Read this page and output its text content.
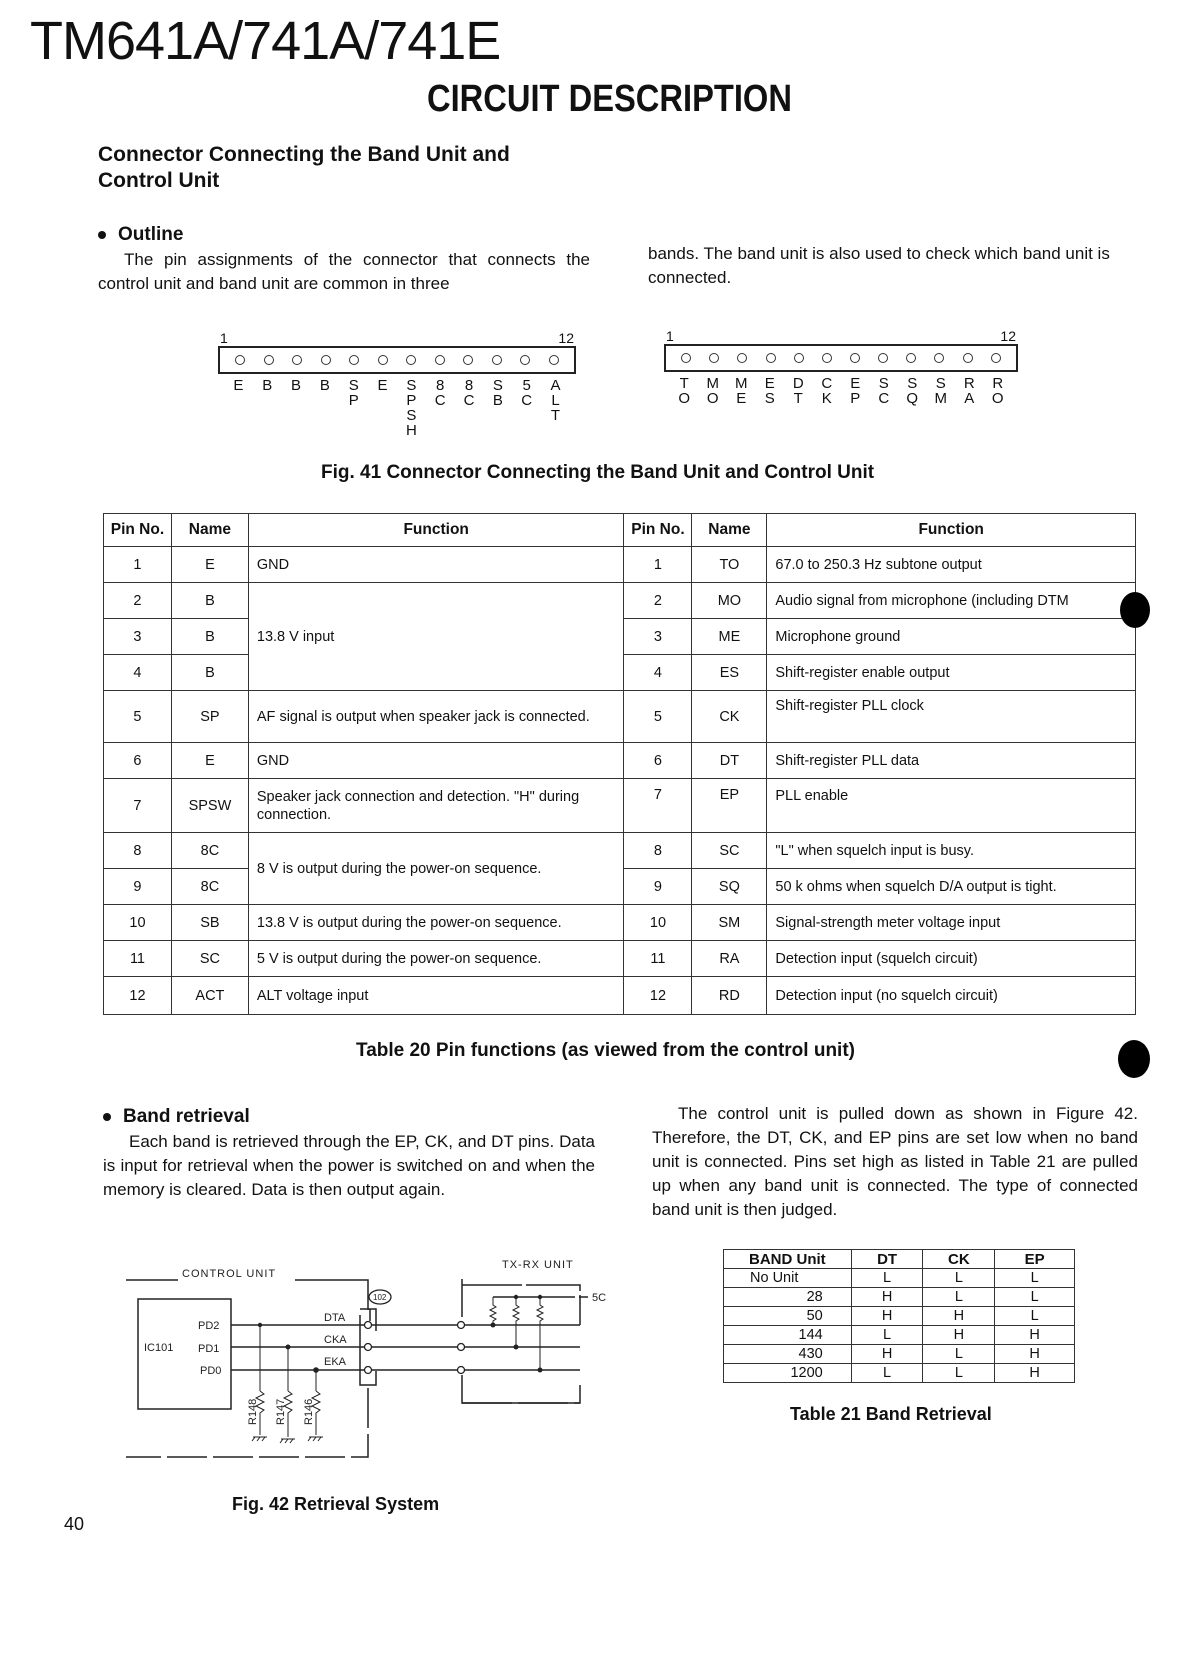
TM641A/741A/741E
CIRCUIT DESCRIPTION
Connector Connecting the Band Unit and Control Unit
Outline
The pin assignments of the connector that connects the control unit and band unit are common in three
bands. The band unit is also used to check which band unit is connected.
1	12
E B B B SP
E SPSH
8C
8C
SB
5C
ALT
1	12
TO
MO
ME
ES
DT
CK
EP
SC
SQ
SM
RA
RO
Fig. 41 Connector Connecting the Band Unit and Control Unit
Pin No.	Name	Function	Pin No.	Name	Function
1	E	GND	1	TO	67.0 to 250.3 Hz subtone output
2	B	13.8 V input	2	MO	Audio signal from microphone (including DTM
3	B		3	ME	Microphone ground
4	B		4	ES	Shift-register enable output
5	SP	AF signal is output when speaker jack is connected.	5	CK	Shift-register PLL clock
6	E	GND	6	DT	Shift-register PLL data
7	SPSW	Speaker jack connection and detection. "H" during connection.	7	EP	PLL enable
8	8C	8 V is output during the power-on sequence.	8	SC	"L" when squelch input is busy.
9	8C		9	SQ	50 k ohms when squelch D/A output is tight.
10	SB	13.8 V is output during the power-on sequence.	10	SM	Signal-strength meter voltage input
11	SC	5 V is output during the power-on sequence.	11	RA	Detection input (squelch circuit)
12	ACT	ALT voltage input	12	RD	Detection input (no squelch circuit)
Table 20 Pin functions (as viewed from the control unit)
Band retrieval
Each band is retrieved through the EP, CK, and DT pins. Data is input for retrieval when the power is switched on and when the memory is cleared. Data is then output again.
The control unit is pulled down as shown in Figure 42. Therefore, the DT, CK, and EP pins are set low when no band unit is connected. Pins set high as listed in Table 21 are pulled up when any band unit is connected. The type of connected band unit is then judged.
CONTROL UNIT
TX-RX UNIT
IC101
PD2
PD1
PD0
DTA
CKA
EKA
102	5C
R148 R147 R146
Fig. 42 Retrieval System
BAND Unit	DT	CK	EP
No Unit	L	L	L
28	H	L	L
50	H	H	L
144	L	H	H
430	H	L	H
1200	L	L	H
Table 21 Band Retrieval
40
